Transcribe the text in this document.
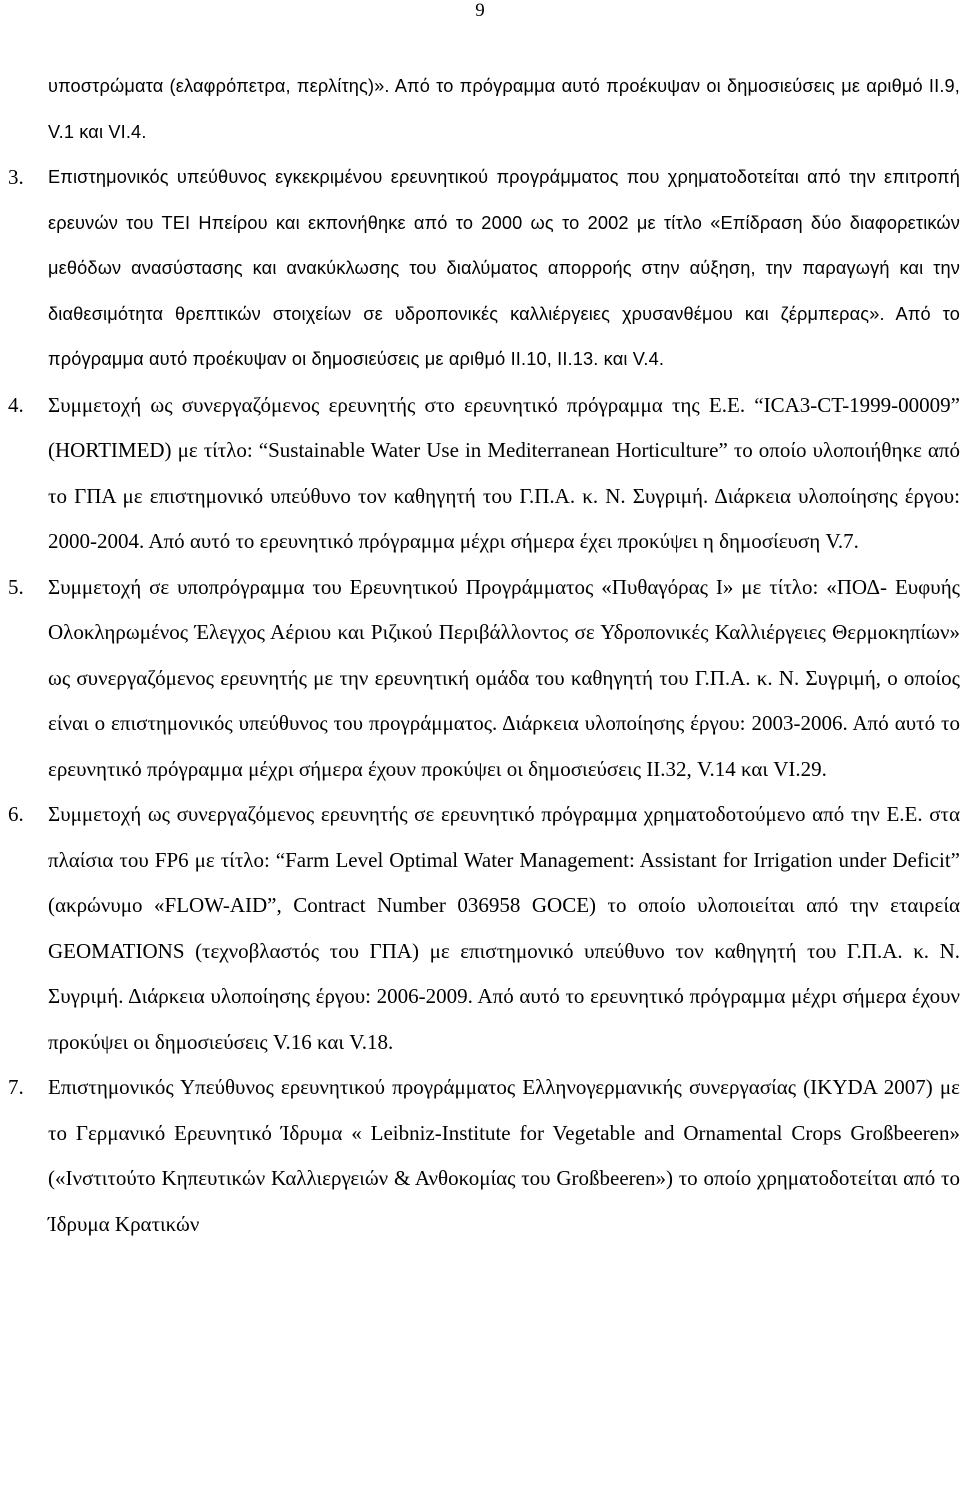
9

υποστρώματα (ελαφρόπετρα, περλίτης)». Από το πρόγραμμα αυτό προέκυψαν οι δημοσιεύσεις με αριθμό ΙΙ.9, V.1 και VI.4.

3.	Επιστημονικός υπεύθυνος εγκεκριμένου ερευνητικού προγράμματος που χρηματοδοτείται από την επιτροπή ερευνών του ΤΕΙ Ηπείρου και εκπονήθηκε από το 2000 ως το 2002 με τίτλο «Επίδραση δύο διαφορετικών μεθόδων ανασύστασης και ανακύκλωσης του διαλύματος απορροής στην αύξηση, την παραγωγή και την διαθεσιμότητα θρεπτικών στοιχείων σε υδροπονικές καλλιέργειες χρυσανθέμου και ζέρμπερας». Από το πρόγραμμα αυτό προέκυψαν οι δημοσιεύσεις με αριθμό ΙΙ.10, ΙΙ.13. και V.4.

4.	Συμμετοχή ως συνεργαζόμενος ερευνητής στο ερευνητικό πρόγραμμα της Ε.Ε. “ICA3-CT-1999-00009” (HORTIMED) με τίτλο: “Sustainable Water Use in Mediterranean Horticulture” το οποίο υλοποιήθηκε από το ΓΠΑ με επιστημονικό υπεύθυνο τον καθηγητή του Γ.Π.Α. κ. Ν. Συγριμή. Διάρκεια υλοποίησης έργου: 2000-2004. Από αυτό το ερευνητικό πρόγραμμα μέχρι σήμερα έχει προκύψει η δημοσίευση V.7.

5.	Συμμετοχή σε υποπρόγραμμα του Ερευνητικού Προγράμματος «Πυθαγόρας Ι» με τίτλο: «ΠΟΔ- Ευφυής Ολοκληρωμένος Έλεγχος Αέριου και Ριζικού Περιβάλλοντος σε Υδροπονικές Καλλιέργειες Θερμοκηπίων» ως συνεργαζόμενος ερευνητής με την ερευνητική ομάδα του καθηγητή του Γ.Π.Α. κ. Ν. Συγριμή, ο οποίος είναι ο επιστημονικός υπεύθυνος του προγράμματος. Διάρκεια υλοποίησης έργου: 2003-2006. Από αυτό το ερευνητικό πρόγραμμα μέχρι σήμερα έχουν προκύψει οι δημοσιεύσεις ΙΙ.32, V.14 και VI.29.

6.	Συμμετοχή ως συνεργαζόμενος ερευνητής σε ερευνητικό πρόγραμμα χρηματοδοτούμενο από την Ε.Ε. στα πλαίσια του FP6 με τίτλο: “Farm Level Optimal Water Management: Assistant for Irrigation under Deficit” (ακρώνυμο «FLOW-AID”, Contract Number 036958 GOCE) το οποίο υλοποιείται από την εταιρεία GEOMATIONS (τεχνοβλαστός του ΓΠΑ) με επιστημονικό υπεύθυνο τον καθηγητή του Γ.Π.Α. κ. Ν. Συγριμή. Διάρκεια υλοποίησης έργου: 2006-2009. Από αυτό το ερευνητικό πρόγραμμα μέχρι σήμερα έχουν προκύψει οι δημοσιεύσεις V.16 και V.18.

7.	Επιστημονικός Υπεύθυνος ερευνητικού προγράμματος Ελληνογερμανικής συνεργασίας (IKYDA 2007) με το Γερμανικό Ερευνητικό Ίδρυμα « Leibniz-Institute for Vegetable and Ornamental Crops Großbeeren» («Ινστιτούτο Κηπευτικών Καλλιεργειών & Ανθοκομίας του Großbeeren») το οποίο χρηματοδοτείται από το Ίδρυμα Κρατικών
